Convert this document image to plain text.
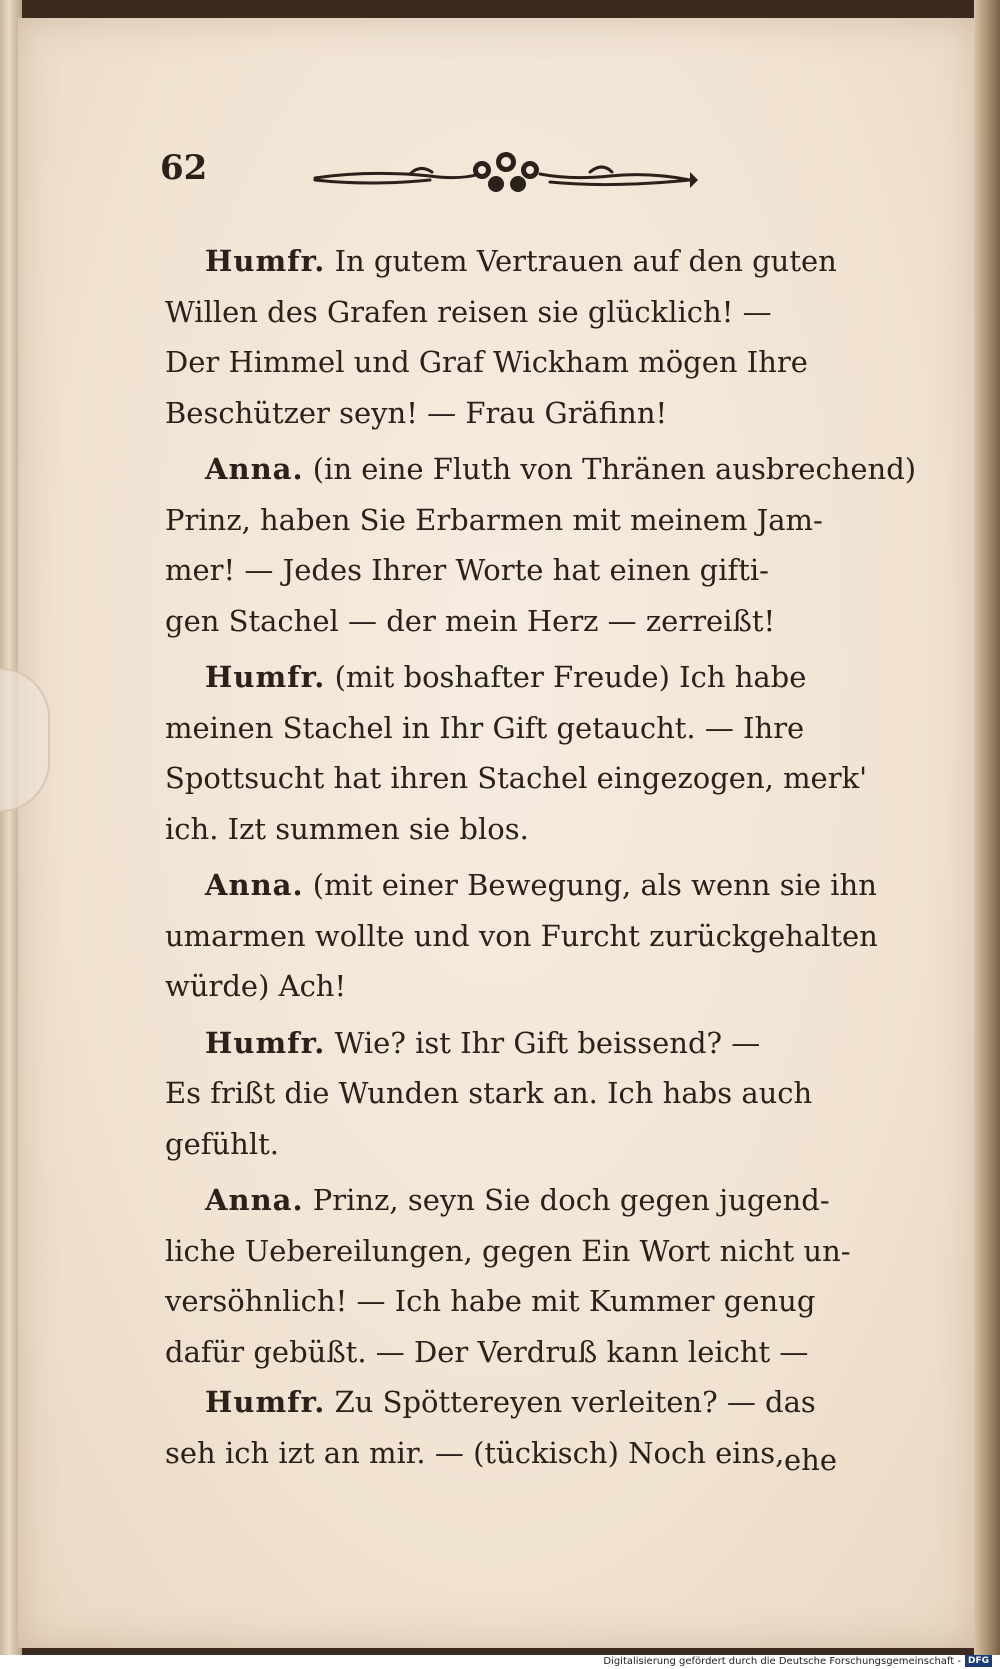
62
Humfr. In gutem Vertrauen auf den guten
Willen des Grafen reisen sie glücklich! —
Der Himmel und Graf Wickham mögen Ihre
Beschützer seyn! — Frau Gräfinn!
Anna. (in eine Fluth von Thränen ausbrechend)
Prinz, haben Sie Erbarmen mit meinem Jam-
mer! — Jedes Ihrer Worte hat einen gifti-
gen Stachel — der mein Herz — zerreißt!
Humfr. (mit boshafter Freude) Ich habe
meinen Stachel in Ihr Gift getaucht. — Ihre
Spottsucht hat ihren Stachel eingezogen, merk'
ich. Izt summen sie blos.
Anna. (mit einer Bewegung, als wenn sie ihn
umarmen wollte und von Furcht zurückgehalten
würde) Ach!
Humfr. Wie? ist Ihr Gift beissend? —
Es frißt die Wunden stark an. Ich habs auch
gefühlt.
Anna. Prinz, seyn Sie doch gegen jugend-
liche Uebereilungen, gegen Ein Wort nicht un-
versöhnlich! — Ich habe mit Kummer genug
dafür gebüßt. — Der Verdruß kann leicht —
Humfr. Zu Spöttereyen verleiten? — das
seh ich izt an mir. — (tückisch) Noch eins, ehe
Digitalisierung gefördert durch die Deutsche Forschungsgemeinschaft - DFG
